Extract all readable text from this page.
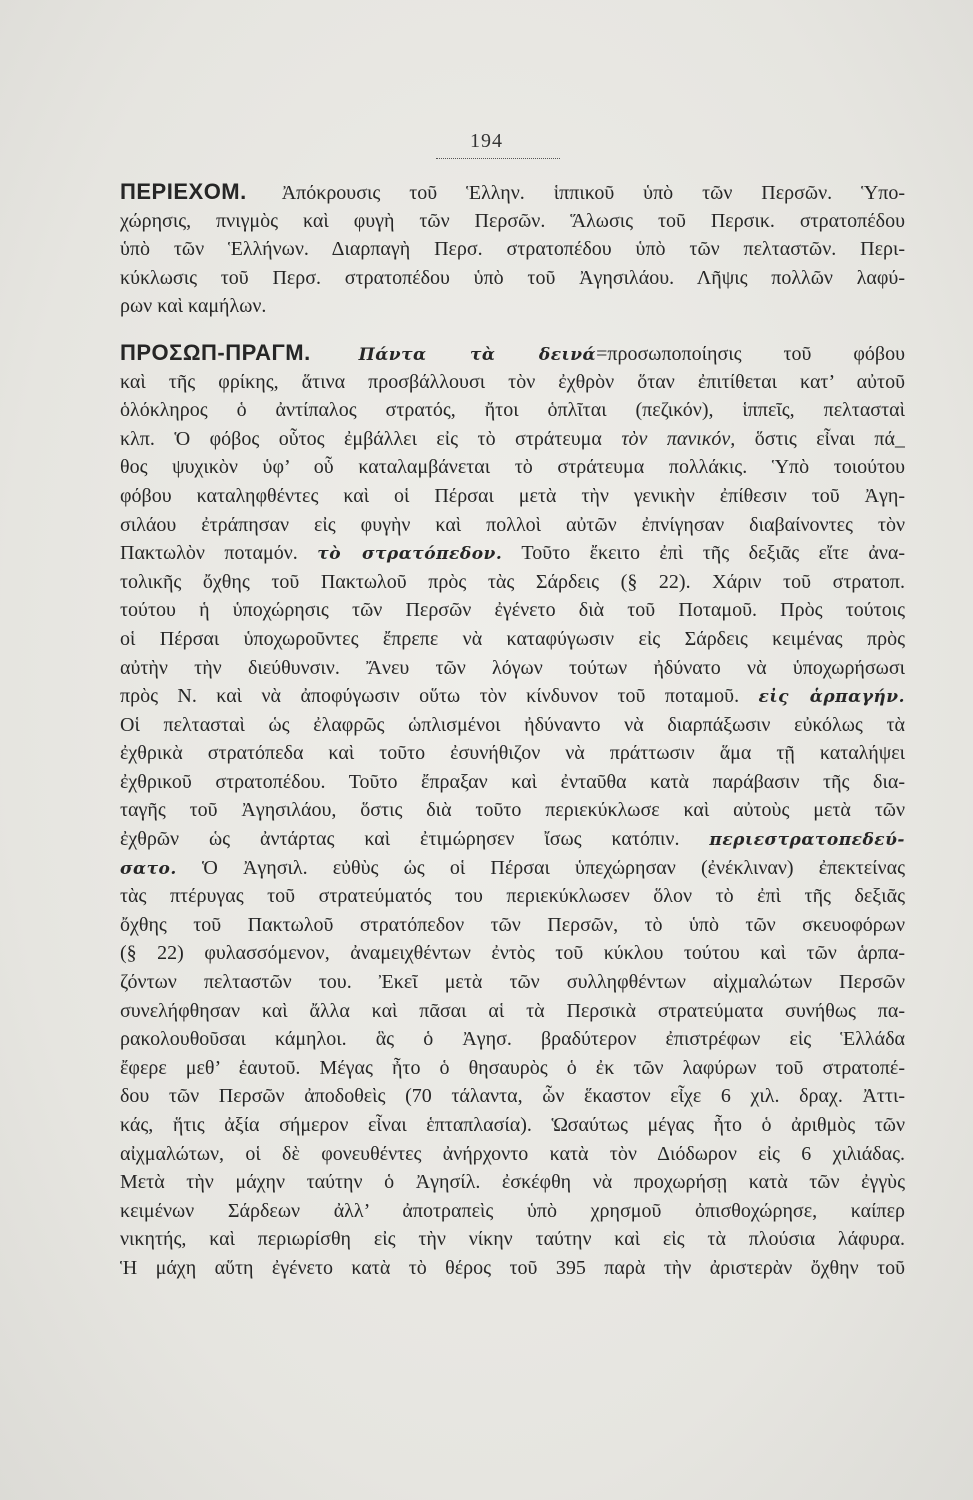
194
ΠΕΡΙΕΧΟΜ. Ἀπόκρουσις τοῦ Ἑλλην. ἱππικοῦ ὑπὸ τῶν Περσῶν. Ὑπο-
χώρησις, πνιγμὸς καὶ φυγὴ τῶν Περσῶν. Ἅλωσις τοῦ Περσικ. στρατοπέδου
ὑπὸ τῶν Ἑλλήνων. Διαρπαγὴ Περσ. στρατοπέδου ὑπὸ τῶν πελταστῶν. Περι-
κύκλωσις τοῦ Περσ. στρατοπέδου ὑπὸ τοῦ Ἀγησιλάου. Λῆψις πολλῶν λαφύ-
ρων καὶ καμήλων.
ΠΡΟΣΩΠ-ΠΡΑΓΜ.	Πάντα τὰ δεινά=προσωποποίησις τοῦ φόβου
καὶ τῆς φρίκης, ἅτινα προσβάλλουσι τὸν ἐχθρὸν ὅταν ἐπιτίθεται κατ’ αὐτοῦ
ὁλόκληρος ὁ ἀντίπαλος στρατός, ἤτοι ὁπλῖται (πεζικόν), ἱππεῖς, πελτασταὶ
κλπ. Ὁ φόβος οὗτος ἐμβάλλει εἰς τὸ στράτευμα τὸν πανικόν, ὅστις εἶναι πά_
θος ψυχικὸν ὑφ’ οὗ καταλαμβάνεται τὸ στράτευμα πολλάκις. Ὑπὸ τοιούτου
φόβου καταληφθέντες καὶ οἱ Πέρσαι μετὰ τὴν γενικὴν ἐπίθεσιν τοῦ Ἀγη-
σιλάου ἐτράπησαν εἰς φυγὴν καὶ πολλοὶ αὐτῶν ἐπνίγησαν διαβαίνοντες τὸν
Πακτωλὸν ποταμόν. τὸ στρατόπεδον. Τοῦτο ἔκειτο ἐπὶ τῆς δεξιᾶς εἴτε ἀνα-
τολικῆς ὄχθης τοῦ Πακτωλοῦ πρὸς τὰς Σάρδεις (§ 22). Χάριν τοῦ στρατοπ.
τούτου ἡ ὑποχώρησις τῶν Περσῶν ἐγένετο διὰ τοῦ Ποταμοῦ. Πρὸς τούτοις
οἱ Πέρσαι ὑποχωροῦντες ἔπρεπε νὰ καταφύγωσιν εἰς Σάρδεις κειμένας πρὸς
αὐτὴν τὴν διεύθυνσιν. Ἄνευ τῶν λόγων τούτων ἠδύνατο νὰ ὑποχωρήσωσι
πρὸς Ν. καὶ νὰ ἀποφύγωσιν οὕτω τὸν κίνδυνον τοῦ ποταμοῦ. εἰς ἁρπαγήν.
Οἱ πελτασταὶ ὡς ἐλαφρῶς ὡπλισμένοι ἠδύναντο νὰ διαρπάξωσιν εὐκόλως τὰ
ἐχθρικὰ στρατόπεδα καὶ τοῦτο ἐσυνήθιζον νὰ πράττωσιν ἅμα τῇ καταλήψει
ἐχθρικοῦ στρατοπέδου. Τοῦτο ἔπραξαν καὶ ἐνταῦθα κατὰ παράβασιν τῆς δια-
ταγῆς τοῦ Ἀγησιλάου, ὅστις διὰ τοῦτο περιεκύκλωσε καὶ αὐτοὺς μετὰ τῶν
ἐχθρῶν ὡς ἀντάρτας καὶ ἐτιμώρησεν ἴσως κατόπιν. περιεστρατοπεδεύ-
σατο. Ὁ Ἀγησιλ. εὐθὺς ὡς οἱ Πέρσαι ὑπεχώρησαν (ἐνέκλιναν) ἐπεκτείνας
τὰς πτέρυγας τοῦ στρατεύματός του περιεκύκλωσεν ὅλον τὸ ἐπὶ τῆς δεξιᾶς
ὄχθης τοῦ Πακτωλοῦ στρατόπεδον τῶν Περσῶν, τὸ ὑπὸ τῶν σκευοφόρων
(§ 22) φυλασσόμενον, ἀναμειχθέντων ἐντὸς τοῦ κύκλου τούτου καὶ τῶν ἁρπα-
ζόντων πελταστῶν του. Ἐκεῖ μετὰ τῶν συλληφθέντων αἰχμαλώτων Περσῶν
συνελήφθησαν καὶ ἄλλα καὶ πᾶσαι αἱ τὰ Περσικὰ στρατεύματα συνήθως πα-
ρακολουθοῦσαι κάμηλοι. ἃς ὁ Ἀγησ. βραδύτερον ἐπιστρέφων εἰς Ἑλλάδα
ἔφερε μεθ’ ἑαυτοῦ. Μέγας ἦτο ὁ θησαυρὸς ὁ ἐκ τῶν λαφύρων τοῦ στρατοπέ-
δου τῶν Περσῶν ἀποδοθεὶς (70 τάλαντα, ὧν ἕκαστον εἶχε 6 χιλ. δραχ. Ἀττι-
κάς, ἥτις ἀξία σήμερον εἶναι ἑπταπλασία). Ὡσαύτως μέγας ἦτο ὁ ἀριθμὸς τῶν
αἰχμαλώτων, οἱ δὲ φονευθέντες ἀνήρχοντο κατὰ τὸν Διόδωρον εἰς 6 χιλιάδας.
Μετὰ τὴν μάχην ταύτην ὁ Ἀγησίλ. ἐσκέφθη νὰ προχωρήσῃ κατὰ τῶν ἐγγὺς
κειμένων Σάρδεων ἀλλ’ ἀποτραπεὶς ὑπὸ χρησμοῦ ὀπισθοχώρησε, καίπερ
νικητής, καὶ περιωρίσθη εἰς τὴν νίκην ταύτην καὶ εἰς τὰ πλούσια λάφυρα.
Ἡ μάχη αὕτη ἐγένετο κατὰ τὸ θέρος τοῦ 395 παρὰ τὴν ἀριστερὰν ὄχθην τοῦ
